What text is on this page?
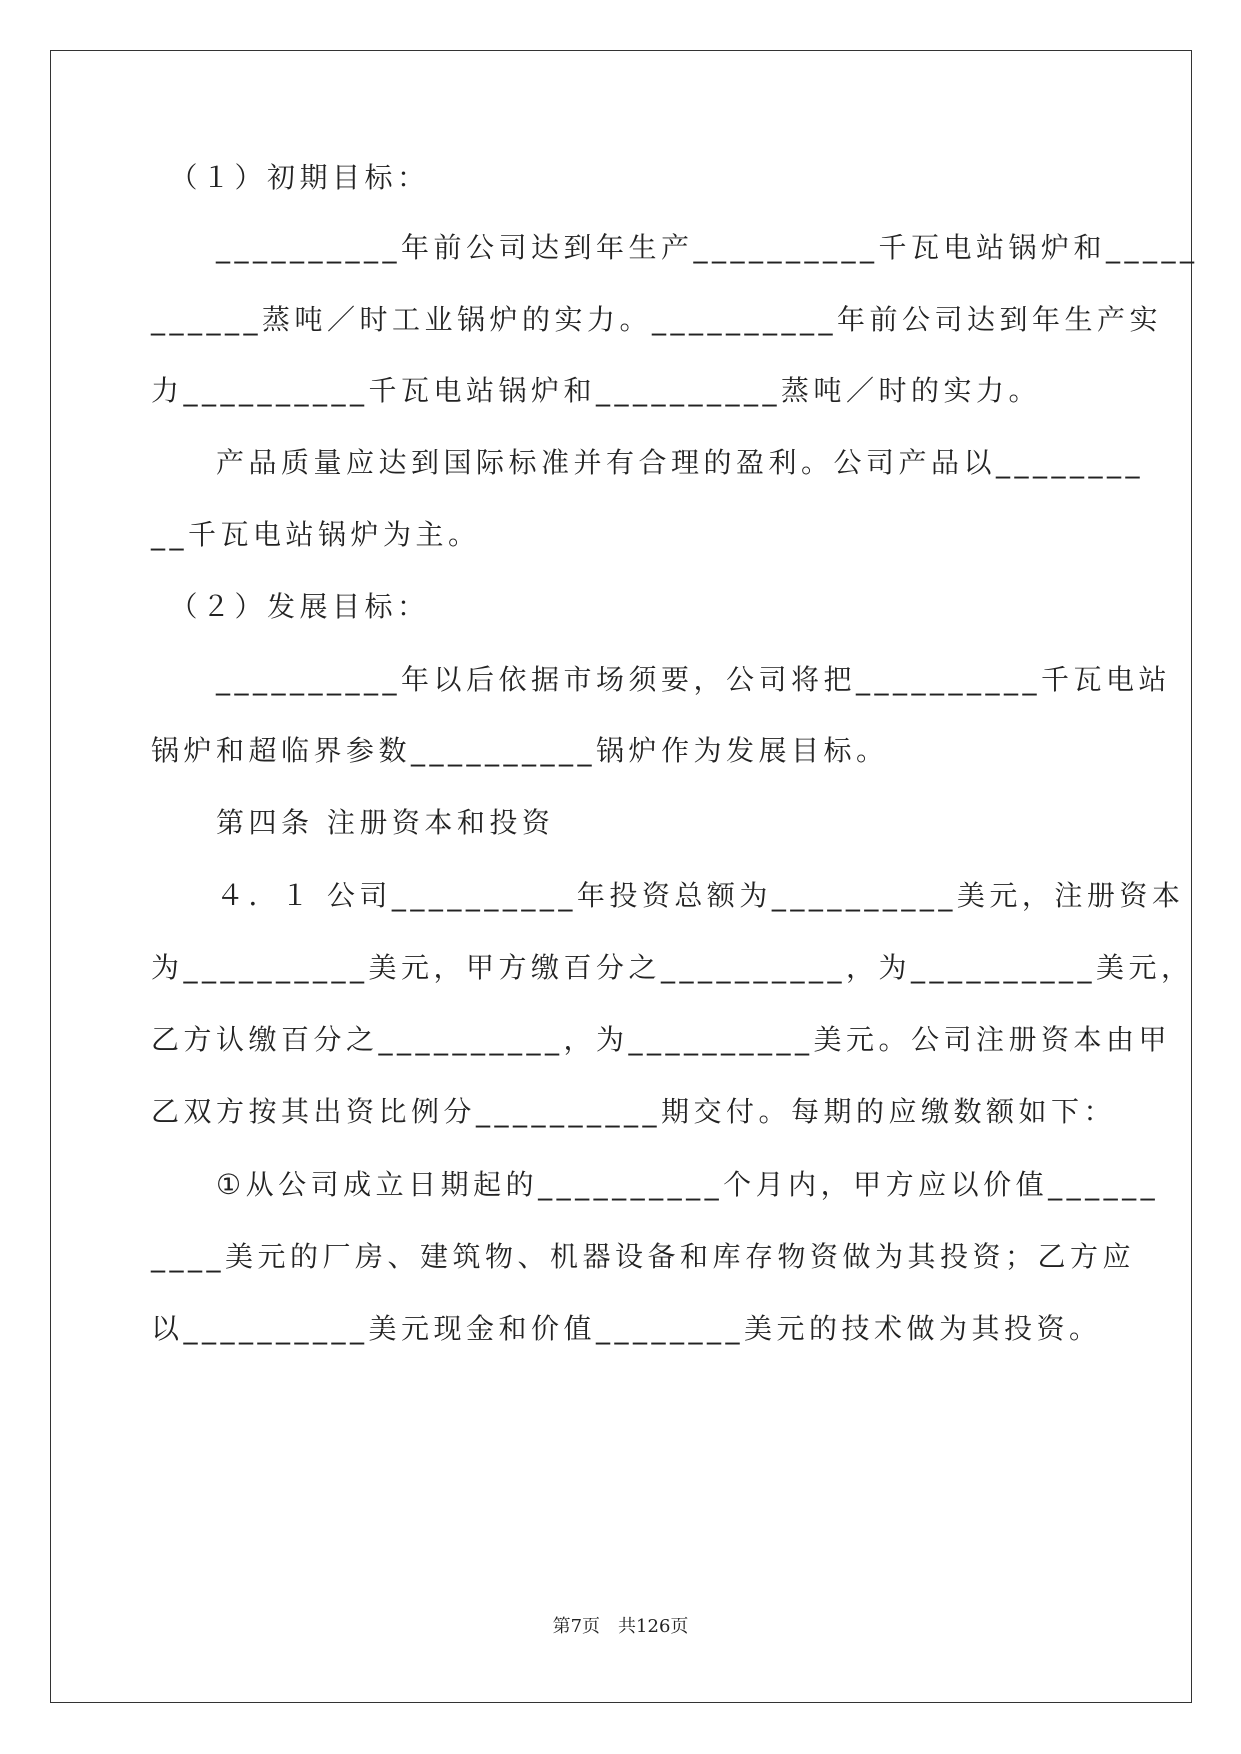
　（１）初期目标：
　　__________年前公司达到年生产__________千瓦电站锅炉和_____
______蒸吨／时工业锅炉的实力。__________年前公司达到年生产实
力__________千瓦电站锅炉和__________蒸吨／时的实力。
　　产品质量应达到国际标准并有合理的盈利。公司产品以________
__千瓦电站锅炉为主。
　（２）发展目标：
　　__________年以后依据市场须要，公司将把__________千瓦电站
锅炉和超临界参数__________锅炉作为发展目标。
　　第四条 注册资本和投资
　　４．１ 公司__________年投资总额为__________美元，注册资本
为__________美元，甲方缴百分之__________，为__________美元，
乙方认缴百分之__________，为__________美元。公司注册资本由甲
乙双方按其出资比例分__________期交付。每期的应缴数额如下：
　　①从公司成立日期起的__________个月内，甲方应以价值______
____美元的厂房、建筑物、机器设备和库存物资做为其投资；乙方应
以__________美元现金和价值________美元的技术做为其投资。
第7页　共126页
